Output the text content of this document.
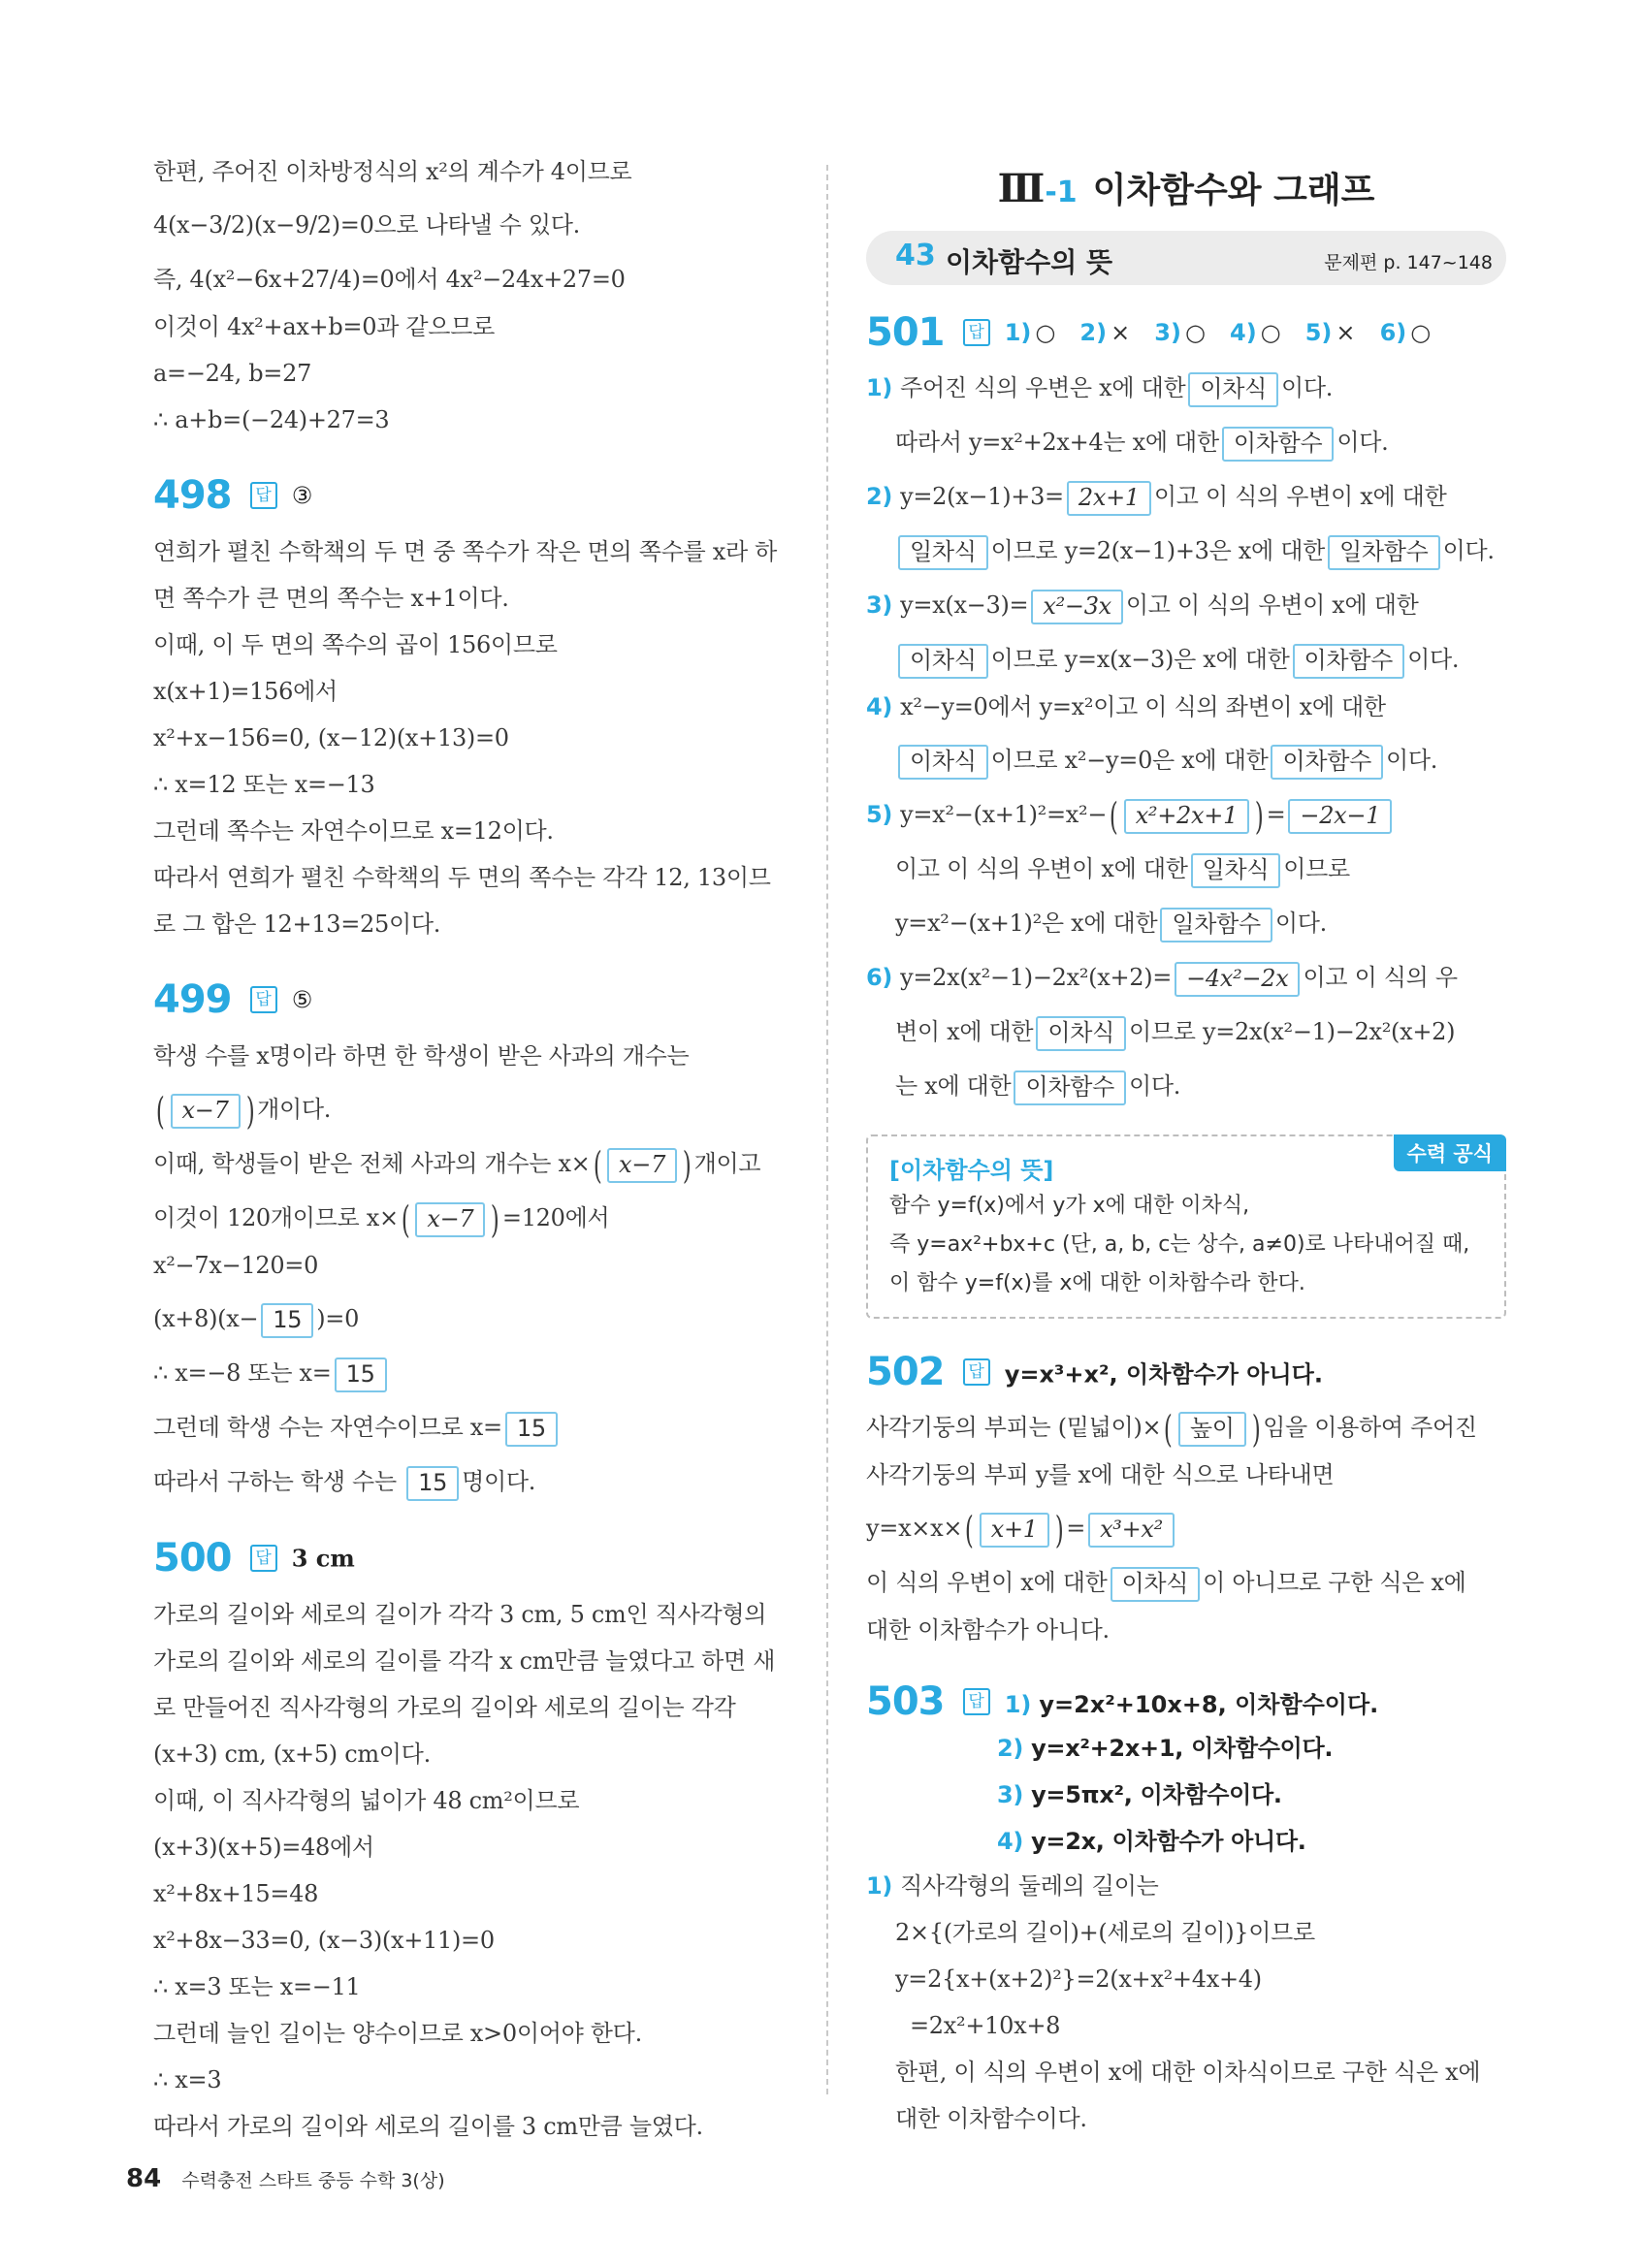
한편, 주어진 이차방정식의 x²의 계수가 4이므로
4(x−3/2)(x−9/2)=0으로 나타낼 수 있다.
즉, 4(x²−6x+27/4)=0에서 4x²−24x+27=0
이것이 4x²+ax+b=0과 같으므로
a=−24, b=27
∴ a+b=(−24)+27=3
498 답 ③
연희가 펼친 수학책의 두 면 중 쪽수가 작은 면의 쪽수를 x라 하
면 쪽수가 큰 면의 쪽수는 x+1이다.
이때, 이 두 면의 쪽수의 곱이 156이므로
x(x+1)=156에서
x²+x−156=0, (x−12)(x+13)=0
∴ x=12 또는 x=−13
그런데 쪽수는 자연수이므로 x=12이다.
따라서 연희가 펼친 수학책의 두 면의 쪽수는 각각 12, 13이므
로 그 합은 12+13=25이다.
499 답 ⑤
학생 수를 x명이라 하면 한 학생이 받은 사과의 개수는
( x−7 ) 개이다.
이때, 학생들이 받은 전체 사과의 개수는 x×( x−7 ) 개이고
이것이 120개이므로 x×( x−7 ) =120에서
x²−7x−120=0
(x+8)(x− 15 )=0
∴ x=−8 또는 x= 15
그런데 학생 수는 자연수이므로 x= 15
따라서 구하는 학생 수는 15 명이다.
500 답 3 cm
가로의 길이와 세로의 길이가 각각 3 cm, 5 cm인 직사각형의
가로의 길이와 세로의 길이를 각각 x cm만큼 늘였다고 하면 새
로 만들어진 직사각형의 가로의 길이와 세로의 길이는 각각
(x+3) cm, (x+5) cm이다.
이때, 이 직사각형의 넓이가 48 cm²이므로
(x+3)(x+5)=48에서
x²+8x+15=48
x²+8x−33=0, (x−3)(x+11)=0
∴ x=3 또는 x=−11
그런데 늘인 길이는 양수이므로 x>0이어야 한다.
∴ x=3
따라서 가로의 길이와 세로의 길이를 3 cm만큼 늘였다.
Ⅲ-1 이차함수와 그래프
43 이차함수의 뜻	문제편 p. 147~148
501 답 1) ○ 2) × 3) ○ 4) ○ 5) × 6) ○
1) 주어진 식의 우변은 x에 대한 이차식 이다.
따라서 y=x²+2x+4는 x에 대한 이차함수 이다.
2) y=2(x−1)+3= 2x+1 이고 이 식의 우변이 x에 대한
일차식 이므로 y=2(x−1)+3은 x에 대한 일차함수 이다.
3) y=x(x−3)= x²−3x 이고 이 식의 우변이 x에 대한
이차식 이므로 y=x(x−3)은 x에 대한 이차함수 이다.
4) x²−y=0에서 y=x²이고 이 식의 좌변이 x에 대한
이차식 이므로 x²−y=0은 x에 대한 이차함수 이다.
5) y=x²−(x+1)²=x²−( x²+2x+1 ) = −2x−1
이고 이 식의 우변이 x에 대한 일차식 이므로
y=x²−(x+1)²은 x에 대한 일차함수 이다.
6) y=2x(x²−1)−2x²(x+2)= −4x²−2x 이고 이 식의 우
변이 x에 대한 이차식 이므로 y=2x(x²−1)−2x²(x+2)
는 x에 대한 이차함수 이다.
수력 공식
[이차함수의 뜻]
함수 y=f(x)에서 y가 x에 대한 이차식,
즉 y=ax²+bx+c (단, a, b, c는 상수, a≠0)로 나타내어질 때,
이 함수 y=f(x)를 x에 대한 이차함수라 한다.
502 답 y=x³+x², 이차함수가 아니다.
사각기둥의 부피는 (밑넓이)×( 높이 ) 임을 이용하여 주어진
사각기둥의 부피 y를 x에 대한 식으로 나타내면
y=x×x×( x+1 ) = x³+x²
이 식의 우변이 x에 대한 이차식 이 아니므로 구한 식은 x에
대한 이차함수가 아니다.
503 답 1) y=2x²+10x+8, 이차함수이다.
2) y=x²+2x+1, 이차함수이다.
3) y=5πx², 이차함수이다.
4) y=2x, 이차함수가 아니다.
1) 직사각형의 둘레의 길이는
2×{(가로의 길이)+(세로의 길이)}이므로
y=2{x+(x+2)²}=2(x+x²+4x+4)
=2x²+10x+8
한편, 이 식의 우변이 x에 대한 이차식이므로 구한 식은 x에
대한 이차함수이다.
84 수력충전 스타트 중등 수학 3(상)
